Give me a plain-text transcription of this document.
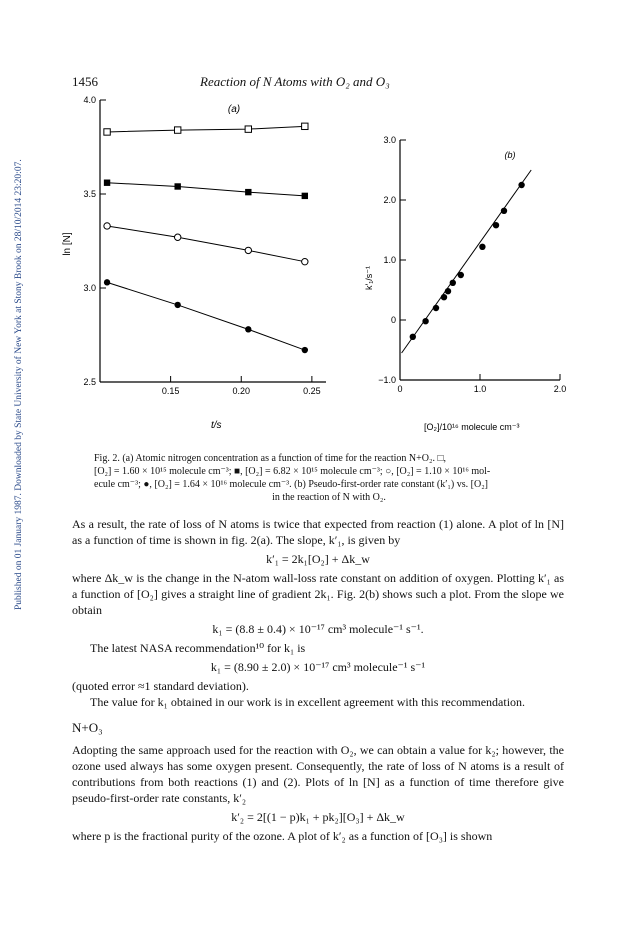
Published on 01 January 1987. Downloaded by State University of New York at Stony Brook on 28/10/2014 23:20:07.
1456	Reaction of N Atoms with O₂ and O₃
(a)
t/s
ln [N]
2.5
3.0
3.5
4.0
0.15	0.20	0.25
(b)
[O₂]/10¹⁶ molecule cm⁻³
k′₁/s⁻¹
−1.0
0
1.0
2.0
3.0
0	1.0	2.0
Fig. 2. (a) Atomic nitrogen concentration as a function of time for the reaction N+O₂. □,
[O₂] = 1.60 × 10¹⁵ molecule cm⁻³; ■, [O₂] = 6.82 × 10¹⁵ molecule cm⁻³; ○, [O₂] = 1.10 × 10¹⁶ mol-
ecule cm⁻³; ●, [O₂] = 1.64 × 10¹⁶ molecule cm⁻³. (b) Pseudo-first-order rate constant (k′₁) vs. [O₂]
in the reaction of N with O₂.

As a result, the rate of loss of N atoms is twice that expected from reaction (1) alone. A plot of ln [N] as a function of time is shown in fig. 2(a). The slope, k′₁, is given by

k′₁ = 2k₁[O₂] + Δk_w

where Δk_w is the change in the N-atom wall-loss rate constant on addition of oxygen. Plotting k′₁ as a function of [O₂] gives a straight line of gradient 2k₁. Fig. 2(b) shows such a plot. From the slope we obtain

k₁ = (8.8 ± 0.4) × 10⁻¹⁷ cm³ molecule⁻¹ s⁻¹.

The latest NASA recommendation¹⁰ for k₁ is

k₁ = (8.90 ± 2.0) × 10⁻¹⁷ cm³ molecule⁻¹ s⁻¹

(quoted error ≈1 standard deviation).

The value for k₁ obtained in our work is in excellent agreement with this recommendation.

N+O₃

Adopting the same approach used for the reaction with O₂, we can obtain a value for k₂; however, the ozone used always has some oxygen present. Consequently, the rate of loss of N atoms is a result of contributions from both reactions (1) and (2). Plots of ln [N] as a function of time therefore give pseudo-first-order rate constants, k′₂

k′₂ = 2[(1 − p)k₁ + pk₂][O₃] + Δk_w

where p is the fractional purity of the ozone. A plot of k′₂ as a function of [O₃] is shown
